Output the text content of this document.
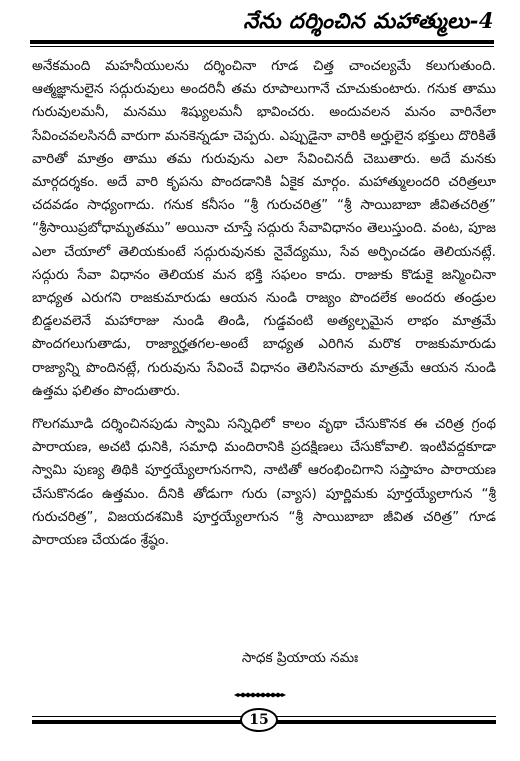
నేను దర్శించిన మహాత్ములు-4

అనేకమంది మహనీయులను దర్శించినా గూడ చిత్త చాంచల్యమే కలుగుతుంది. ఆత్మజ్ఞానులైన సద్గురువులు అందరినీ తమ రూపాలుగానే చూచుకుంటారు. గనుక తాము గురువులమనీ, మనము శిష్యులమనీ భావించరు. అందువలన మనం వారినేలా సేవించవలసినదీ వారుగా మనకెన్నడూ చెప్పరు. ఎప్పుడైనా వారికి అర్హులైన భక్తులు దొరికితే వారితో మాత్రం తాము తమ గురువును ఎలా సేవించినదీ చెబుతారు. అదే మనకు మార్గదర్శకం. అదే వారి కృపను పొందడానికి ఏకైక మార్గం. మహాత్ములందరి చరిత్రలూ చదవడం సాధ్యంగాదు. గనుక కనీసం “శ్రీ గురుచరిత్ర” “శ్రీ సాయిబాబా జీవితచరిత్ర” “శ్రీసాయిప్రబోధామృతము” అయినా చూస్తే సద్గురు సేవావిధానం తెలుస్తుంది. వంట, పూజ ఎలా చేయాలో తెలియకుంటే సద్గురువునకు నైవేద్యము, సేవ అర్పించడం తెలియనట్లే. సద్గురు సేవా విధానం తెలియక మన భక్తి సఫలం కాదు. రాజుకు కొడుకై జన్మించినా బాధ్యత ఎరుగని రాజకుమారుడు ఆయన నుండి రాజ్యం పొందలేక అందరు తండ్రుల బిడ్డలవలెనే మహారాజు నుండి తిండి, గుడ్డవంటి అత్యల్పమైన లాభం మాత్రమే పొందగలుగుతాడు, రాజ్యార్హతగల-అంటే బాధ్యత ఎరిగిన మరొక రాజకుమారుడు రాజ్యాన్ని పొందినట్లే, గురువును సేవించే విధానం తెలిసినవారు మాత్రమే ఆయన నుండి ఉత్తమ ఫలితం పొందుతారు.

గొలగమూడి దర్శించినపుడు స్వామి సన్నిధిలో కాలం వృథా చేసుకొనక ఈ చరిత్ర గ్రంథ పారాయణ, అచటి ధునికి, సమాధి మందిరానికి ప్రదక్షిణలు చేసుకోవాలి. ఇంటివద్దకూడా స్వామి పుణ్య తిథికి పూర్తయ్యేలాగునగాని, నాటితో ఆరంభించిగాని సప్తాహం పారాయణ చేసుకొనడం ఉత్తమం. దీనికి తోడుగా గురు (వ్యాస) పూర్ణిమకు పూర్తయ్యేలాగున “శ్రీ గురుచరిత్ర”, విజయదశమికి పూర్తయ్యేలాగున “శ్రీ సాయిబాబా జీవిత చరిత్ర” గూడ పారాయణ చేయడం శ్రేష్ఠం.

సాధక ప్రియాయ నమః
15
